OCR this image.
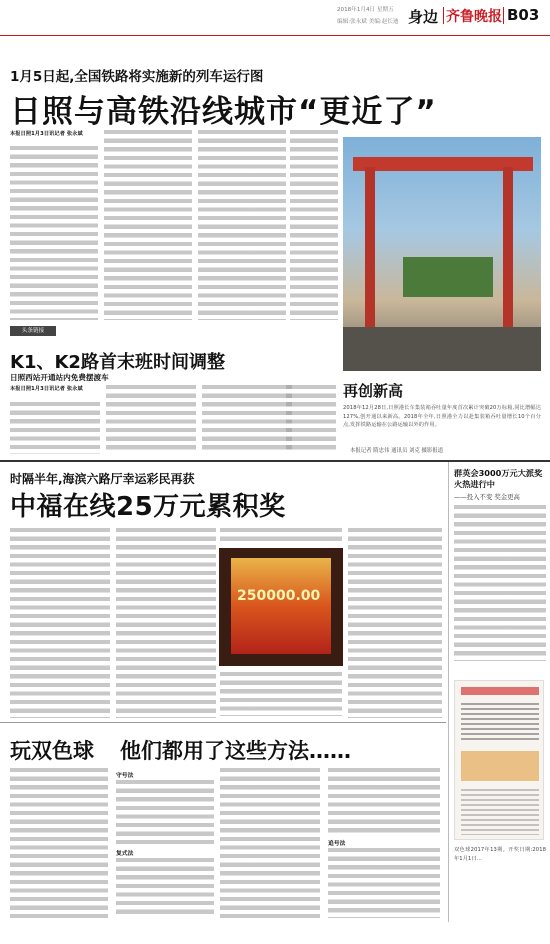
2018年1月4日 星期五
编辑:张永斌 美编:赵长迪 身边 齐鲁晚报 B03
1月5日起,全国铁路将实施新的列车运行图
日照与高铁沿线城市“更近了”
本报日照1月3日讯记者 张永斌
再创新高
2018年12月28日,日照港长车集装箱吞吐量年度首次累计突破20万标箱,同比增幅达127%,创开通以来新高。2018年全年,日照港全力以赴集装箱吞吐量增长10个百分点,发挥铁路运输在公路运输以外的作用。
本报记者 隋忠伟 通讯员 刘克 摄影报道
头条链接
K1、K2路首末班时间调整
日照西站开通站内免费摆渡车
本报日照1月3日讯记者 张永斌
时隔半年,海滨六路厅幸运彩民再获
中福在线25万元累积奖
250000.00
群英会3000万元大派奖火热进行中
——投入不变 奖金更高
双色球2017年13期。开奖日期:2018年1月1日…
玩双色球 他们都用了这些方法……
守号法
复式法
追号法
